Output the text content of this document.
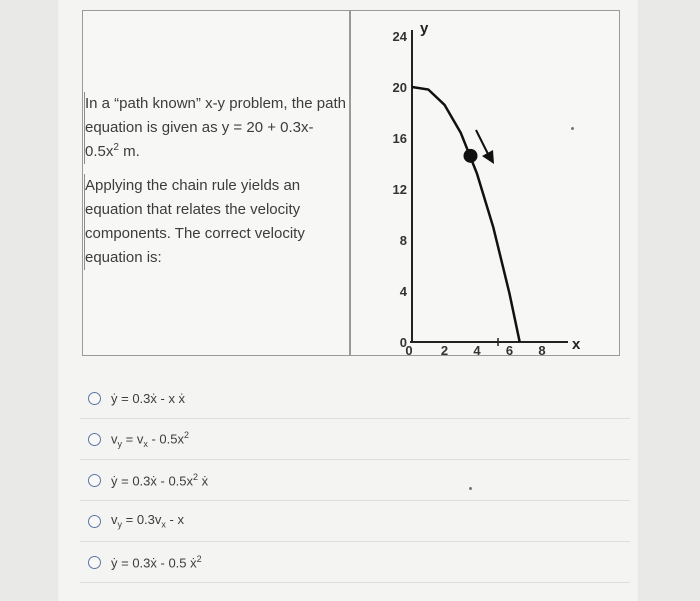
In a “path known” x-y problem, the path equation is given as $y = 20 + 0.3x-0.5x^2$ m.

Applying the chain rule yields an equation that relates the velocity components. The correct velocity equation is:

y
x
24
20
16
12
8
4
0
0 2 4 6 8
ẏ = 0.3ẋ - x ẋ
$v_y = v_x - 0.5x^2$
ẏ = 0.3ẋ - $0.5x^2$ ẋ
$v_y = 0.3v_x - x$
ẏ = 0.3ẋ - 0.5 ẋ$^2$
